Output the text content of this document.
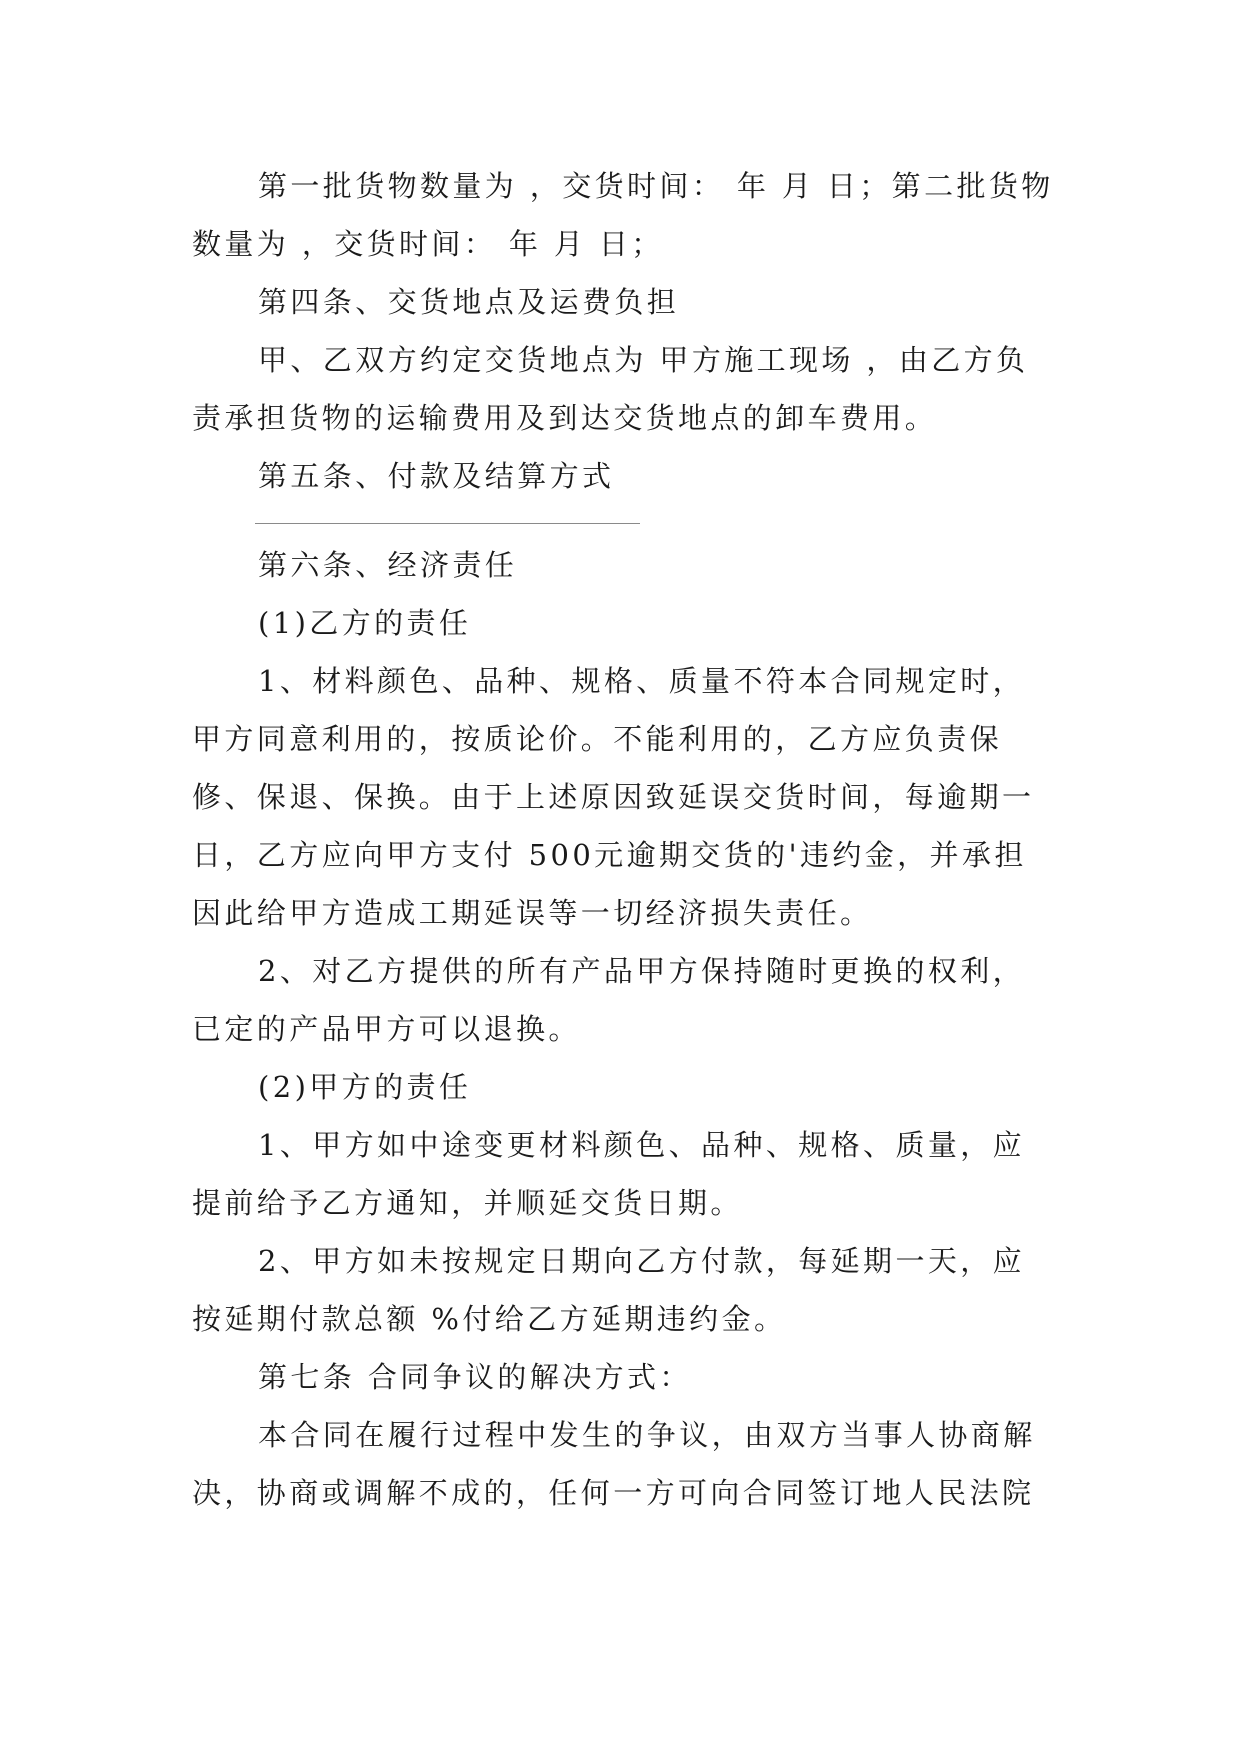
第一批货物数量为 ，交货时间： 年 月 日；第二批货物数量为 ，交货时间： 年 月 日；

第四条、交货地点及运费负担

甲、乙双方约定交货地点为 甲方施工现场 ，由乙方负责承担货物的运输费用及到达交货地点的卸车费用。

第五条、付款及结算方式

第六条、经济责任

(1)乙方的责任

1、材料颜色、品种、规格、质量不符本合同规定时，甲方同意利用的，按质论价。不能利用的，乙方应负责保修、保退、保换。由于上述原因致延误交货时间，每逾期一日，乙方应向甲方支付 500元逾期交货的'违约金，并承担因此给甲方造成工期延误等一切经济损失责任。

2、对乙方提供的所有产品甲方保持随时更换的权利，已定的产品甲方可以退换。

(2)甲方的责任

1、甲方如中途变更材料颜色、品种、规格、质量，应提前给予乙方通知，并顺延交货日期。

2、甲方如未按规定日期向乙方付款，每延期一天，应按延期付款总额 %付给乙方延期违约金。

第七条 合同争议的解决方式：

本合同在履行过程中发生的争议，由双方当事人协商解决，协商或调解不成的，任何一方可向合同签订地人民法院
